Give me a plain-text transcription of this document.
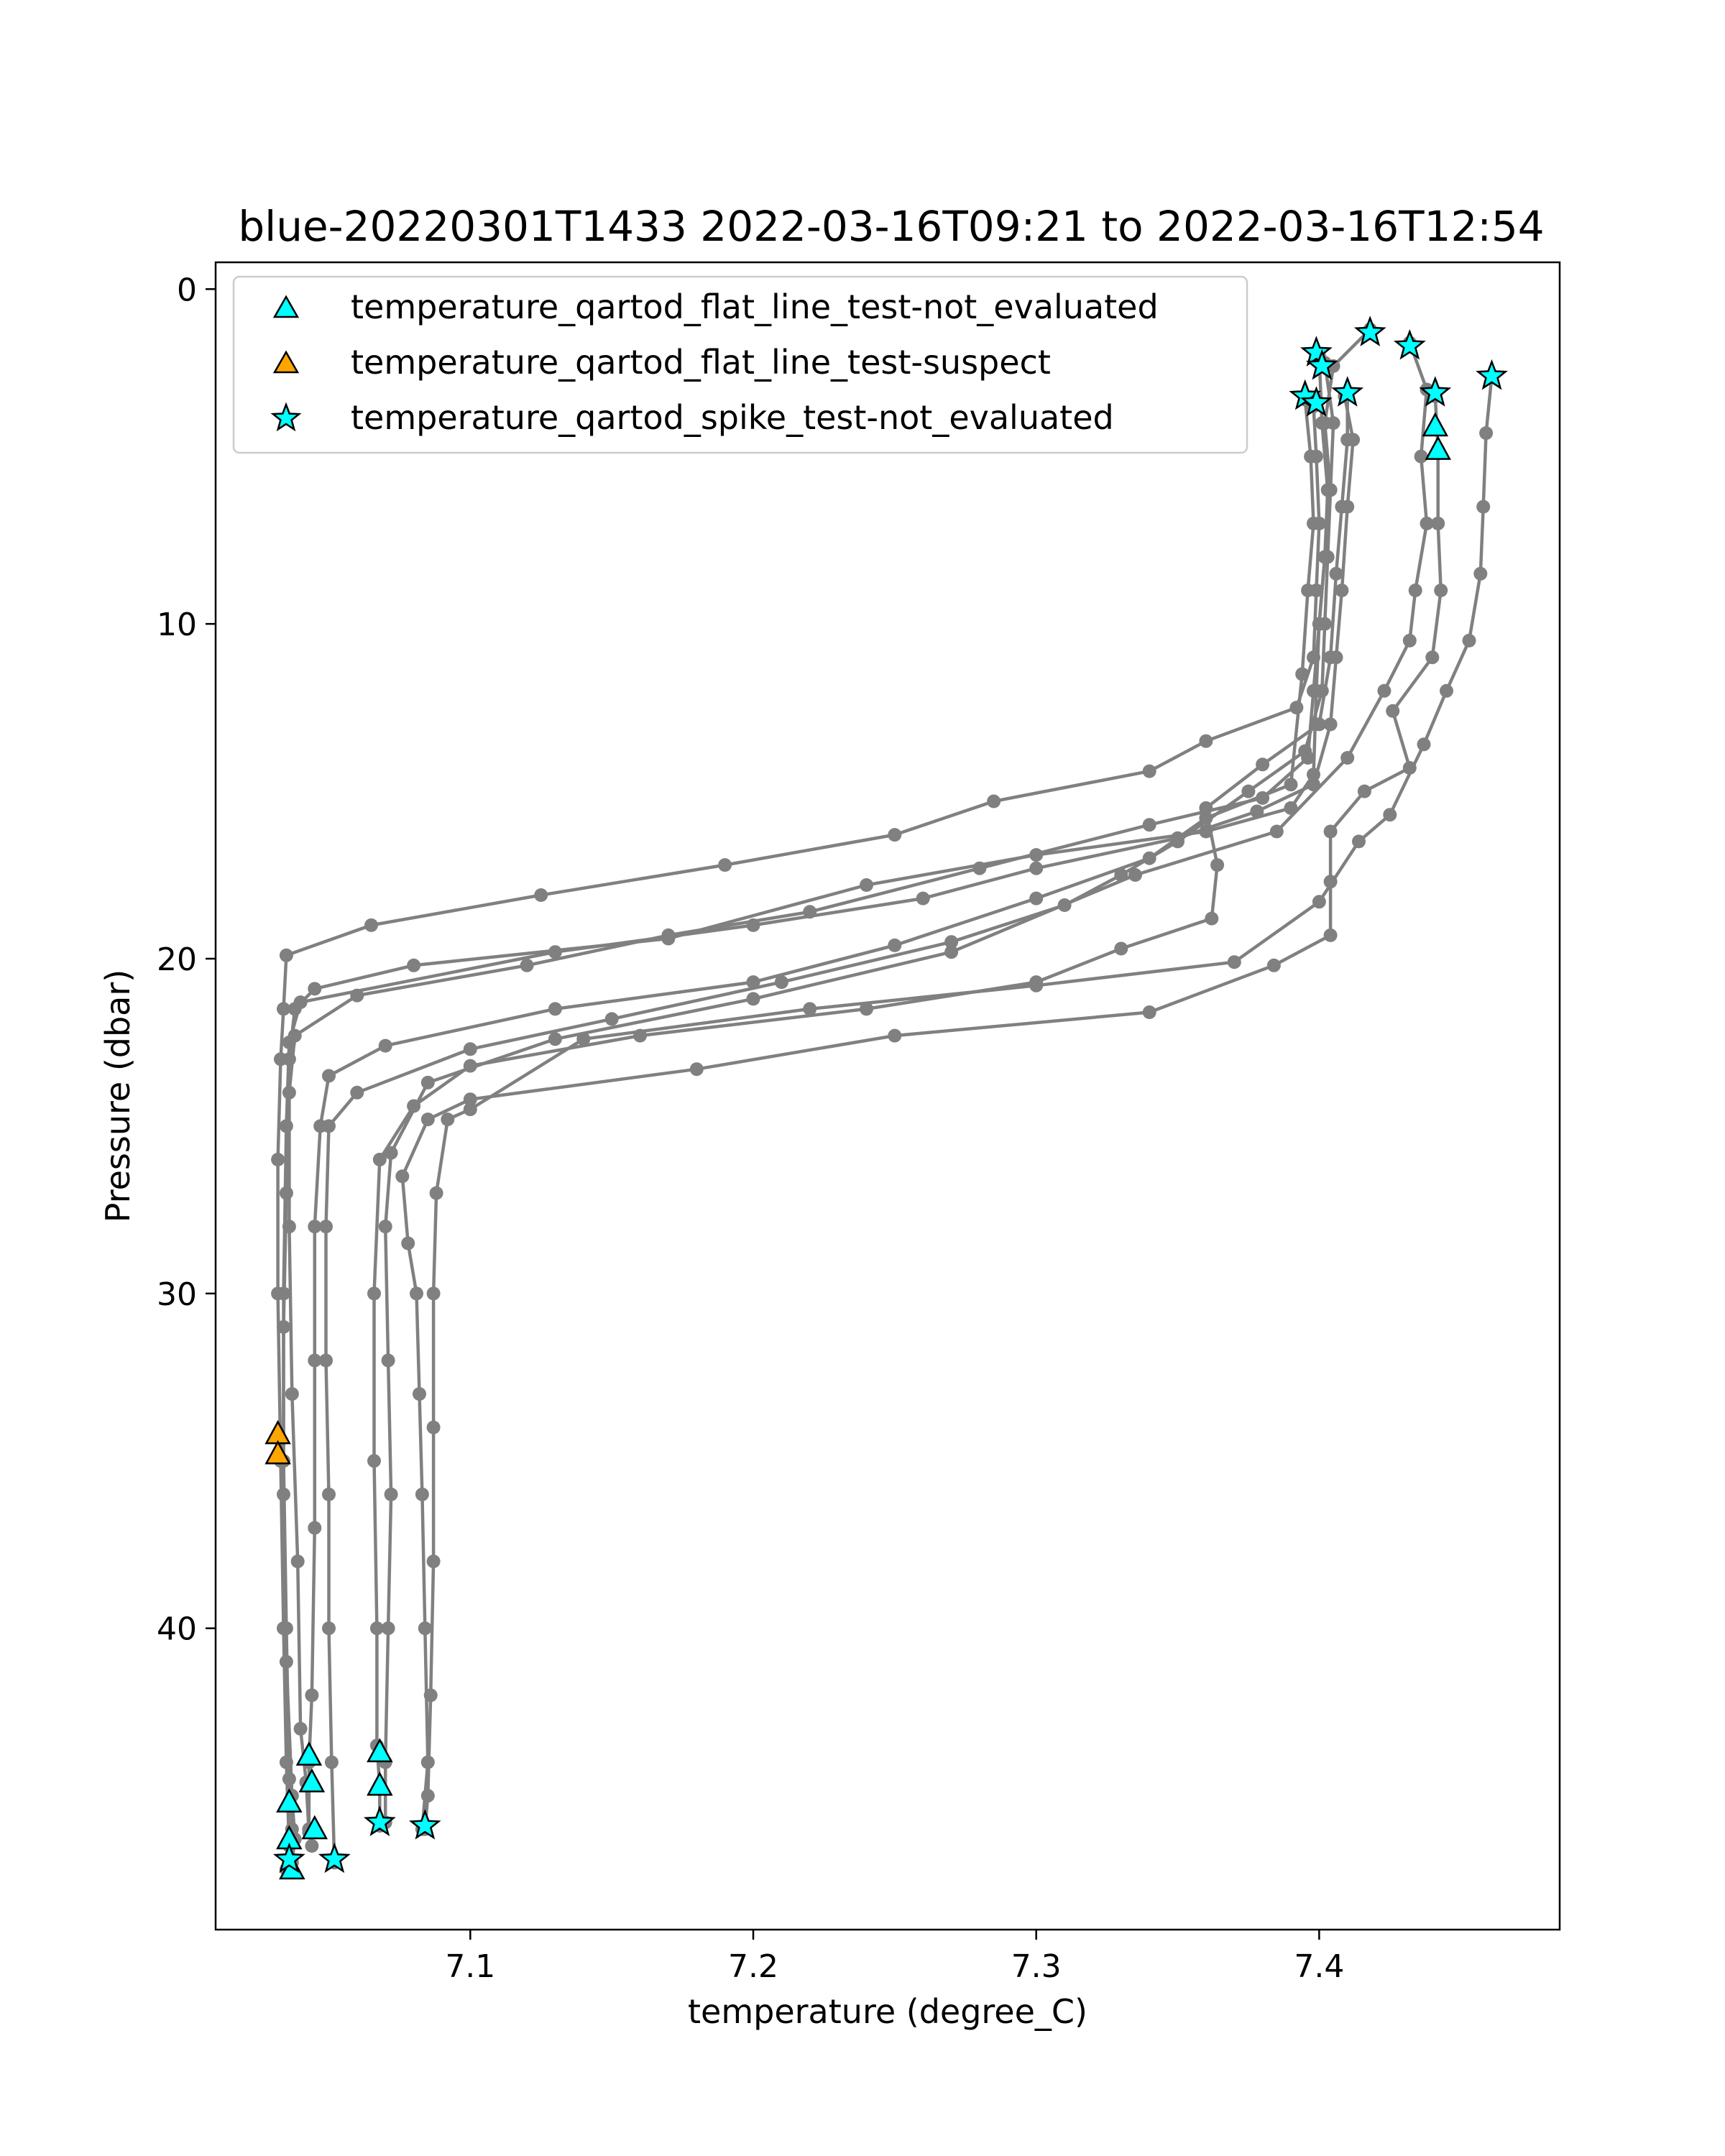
blue-20220301T1433 2022-03-16T09:21 to 2022-03-16T12:54
7.1	7.2	7.3	7.4
0
10
20
30
40
temperature (degree_C)
Pressure (dbar)
temperature_qartod_flat_line_test-not_evaluated
temperature_qartod_flat_line_test-suspect
temperature_qartod_spike_test-not_evaluated
